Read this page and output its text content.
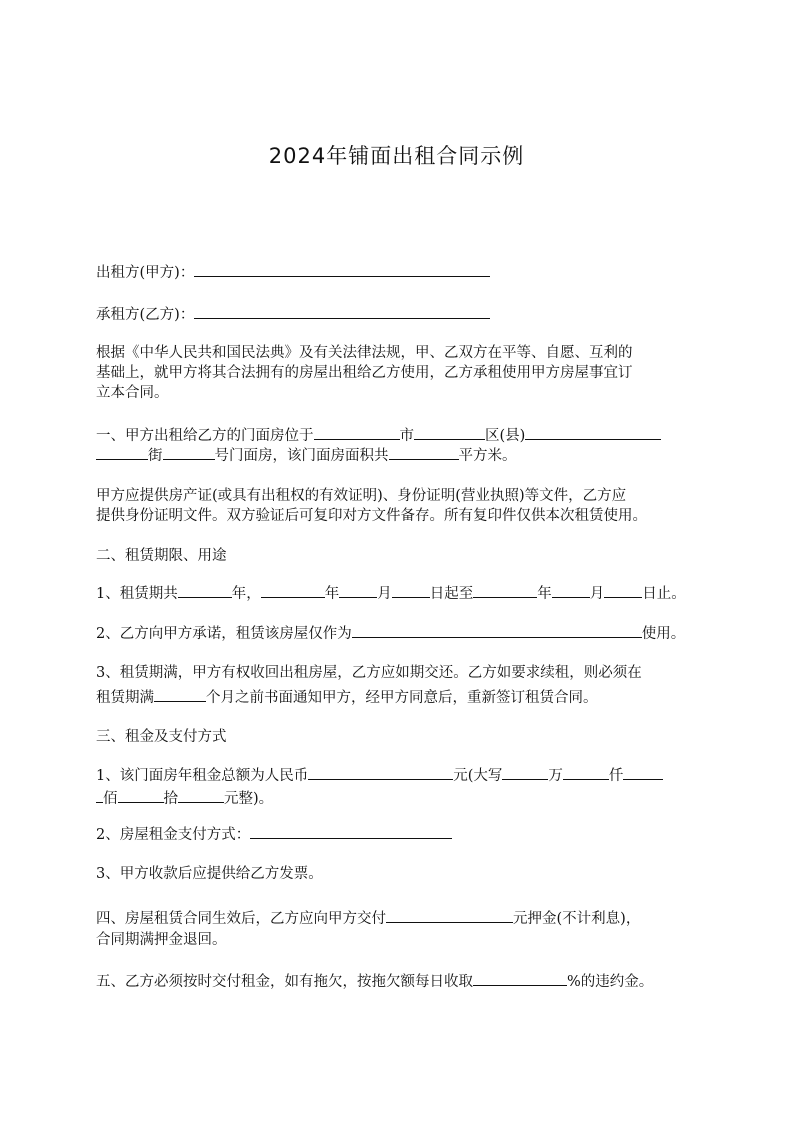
2024年铺面出租合同示例
出租方(甲方)：
承租方(乙方)：
根据《中华人民共和国民法典》及有关法律法规，甲、乙双方在平等、自愿、互利的
基础上，就甲方将其合法拥有的房屋出租给乙方使用，乙方承租使用甲方房屋事宜订
立本合同。
一、甲方出租给乙方的门面房位于	市	区(县)
街	号门面房，该门面房面积共	平方米。
甲方应提供房产证(或具有出租权的有效证明)、身份证明(营业执照)等文件，乙方应
提供身份证明文件。双方验证后可复印对方文件备存。所有复印件仅供本次租赁使用。
二、租赁期限、用途
1、租赁期共	年，	年	月	日起至	年	月	日止。
2、乙方向甲方承诺，租赁该房屋仅作为	使用。
3、租赁期满，甲方有权收回出租房屋，乙方应如期交还。乙方如要求续租，则必须在
租赁期满	个月之前书面通知甲方，经甲方同意后，重新签订租赁合同。
三、租金及支付方式
1、该门面房年租金总额为人民币	元(大写	万	仟
佰	拾	元整)。
2、房屋租金支付方式：
3、甲方收款后应提供给乙方发票。
四、房屋租赁合同生效后，乙方应向甲方交付	元押金(不计利息)，
合同期满押金退回。
五、乙方必须按时交付租金，如有拖欠，按拖欠额每日收取	%的违约金。
